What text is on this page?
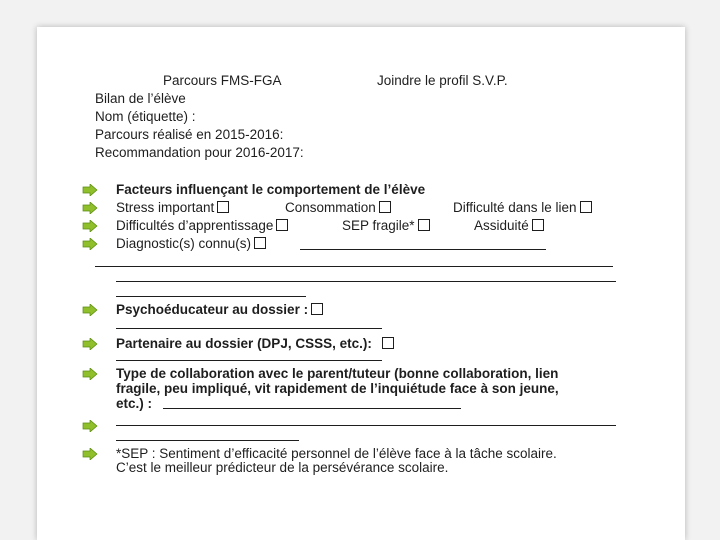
Parcours FMS-FGA	Joindre le profil S.V.P.
Bilan de l’élève
Nom (étiquette) :
Parcours réalisé en 2015-2016:
Recommandation pour 2016-2017:
Facteurs influençant le comportement de l’élève
Stress important	Consommation	Difficulté dans le lien
Difficultés d’apprentissage	SEP fragile*	Assiduité
Diagnostic(s) connu(s)
Psychoéducateur au dossier :
Partenaire au dossier (DPJ, CSSS, etc.):
Type de collaboration avec le parent/tuteur (bonne collaboration, lien
fragile, peu impliqué, vit rapidement de l’inquiétude face à son jeune,
etc.) :
*SEP : Sentiment d’efficacité personnel de l’élève face à la tâche scolaire.
C’est le meilleur prédicteur de la persévérance scolaire.
